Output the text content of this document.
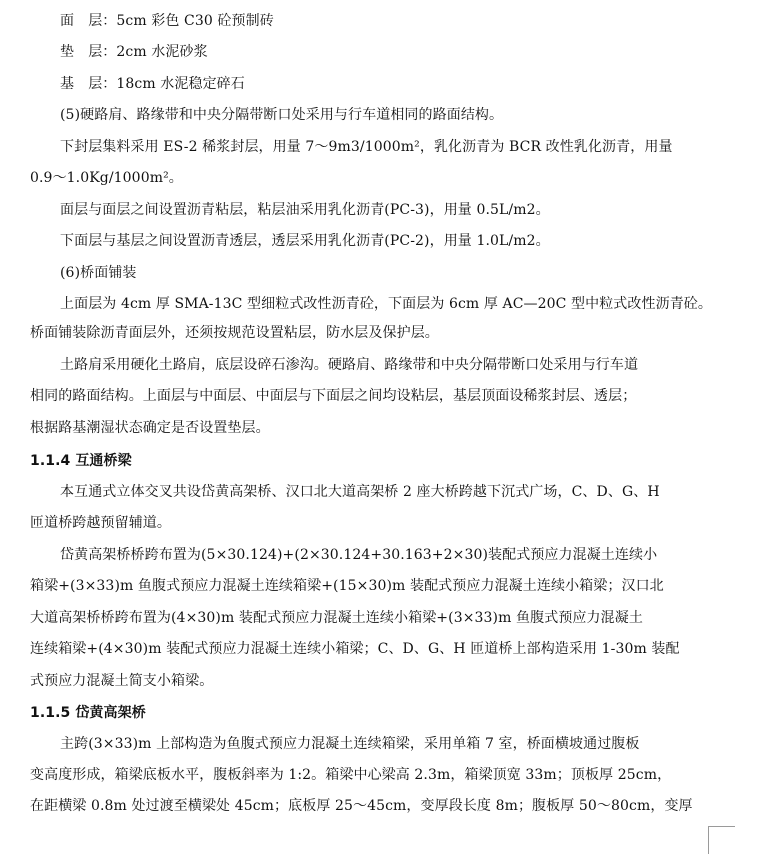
面　层：5cm 彩色 C30 砼预制砖
垫　层：2cm 水泥砂浆
基　层：18cm 水泥稳定碎石
(5)硬路肩、路缘带和中央分隔带断口处采用与行车道相同的路面结构。
下封层集料采用 ES-2 稀浆封层，用量 7～9m3/1000m²，乳化沥青为 BCR 改性乳化沥青，用量
0.9～1.0Kg/1000m²。
面层与面层之间设置沥青粘层，粘层油采用乳化沥青(PC-3)，用量 0.5L/m2。
下面层与基层之间设置沥青透层，透层采用乳化沥青(PC-2)，用量 1.0L/m2。
(6)桥面铺装
上面层为 4cm 厚 SMA-13C 型细粒式改性沥青砼，下面层为 6cm 厚 AC—20C 型中粒式改性沥青砼。
桥面铺装除沥青面层外，还须按规范设置粘层，防水层及保护层。
土路肩采用硬化土路肩，底层设碎石渗沟。硬路肩、路缘带和中央分隔带断口处采用与行车道
相同的路面结构。上面层与中面层、中面层与下面层之间均设粘层，基层顶面设稀浆封层、透层；
根据路基潮湿状态确定是否设置垫层。
1.1.4 互通桥梁
本互通式立体交叉共设岱黄高架桥、汉口北大道高架桥 2 座大桥跨越下沉式广场，C、D、G、H
匝道桥跨越预留辅道。
岱黄高架桥桥跨布置为(5×30.124)+(2×30.124+30.163+2×30)装配式预应力混凝土连续小
箱梁+(3×33)m 鱼腹式预应力混凝土连续箱梁+(15×30)m 装配式预应力混凝土连续小箱梁；汉口北
大道高架桥桥跨布置为(4×30)m 装配式预应力混凝土连续小箱梁+(3×33)m 鱼腹式预应力混凝土
连续箱梁+(4×30)m 装配式预应力混凝土连续小箱梁；C、D、G、H 匝道桥上部构造采用 1-30m 装配
式预应力混凝土简支小箱梁。
1.1.5 岱黄高架桥
主跨(3×33)m 上部构造为鱼腹式预应力混凝土连续箱梁，采用单箱 7 室，桥面横坡通过腹板
变高度形成，箱梁底板水平，腹板斜率为 1:2。箱梁中心梁高 2.3m，箱梁顶宽 33m；顶板厚 25cm，
在距横梁 0.8m 处过渡至横梁处 45cm；底板厚 25～45cm，变厚段长度 8m；腹板厚 50～80cm，变厚
